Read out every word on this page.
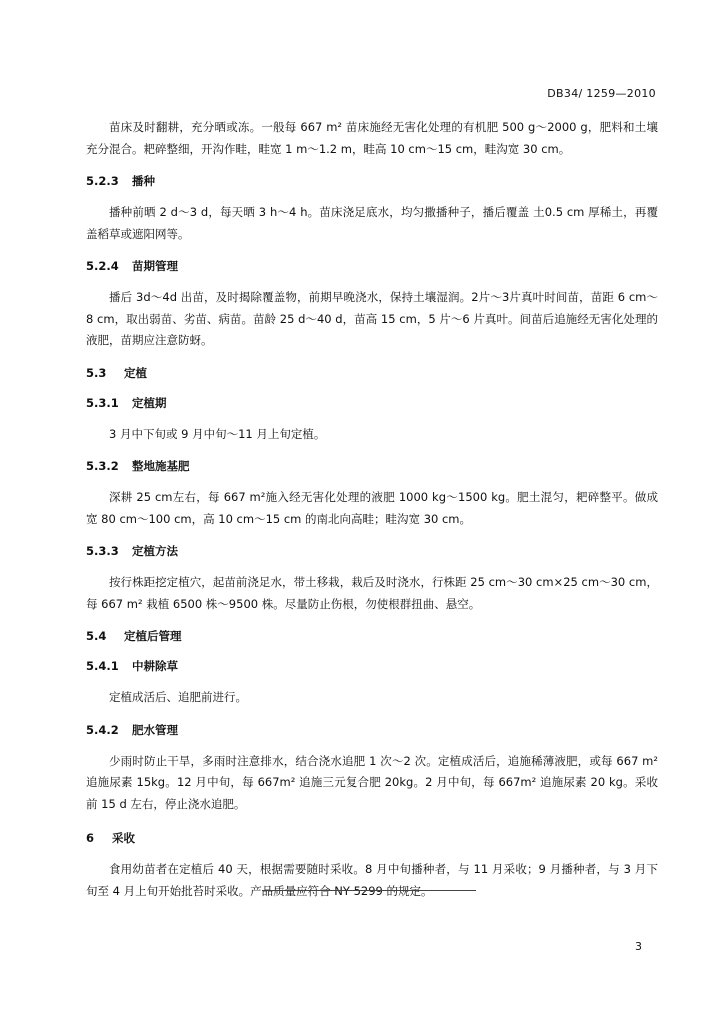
DB34/ 1259—2010

苗床及时翻耕，充分晒或冻。一般每 667 m² 苗床施经无害化处理的有机肥 500 g～2000 g，肥料和土壤充分混合。耙碎整细，开沟作畦，畦宽 1 m～1.2 m，畦高 10 cm～15 cm，畦沟宽 30 cm。

5.2.3 播种

播种前晒 2 d～3 d，每天晒 3 h～4 h。苗床浇足底水，均匀撒播种子，播后覆盖 土0.5 cm 厚稀土，再覆盖稻草或遮阳网等。

5.2.4 苗期管理

播后 3d～4d 出苗，及时揭除覆盖物，前期早晚浇水，保持土壤湿润。2片～3片真叶时间苗，苗距 6 cm～8 cm，取出弱苗、劣苗、病苗。苗龄 25 d～40 d，苗高 15 cm，5 片～6 片真叶。间苗后追施经无害化处理的液肥，苗期应注意防蚜。

5.3 定植
5.3.1 定植期

3 月中下旬或 9 月中旬～11 月上旬定植。

5.3.2 整地施基肥

深耕 25 cm左右，每 667 m²施入经无害化处理的液肥 1000 kg～1500 kg。肥土混匀，耙碎整平。做成宽 80 cm～100 cm，高 10 cm～15 cm 的南北向高畦；畦沟宽 30 cm。

5.3.3 定植方法

按行株距挖定植穴，起苗前浇足水，带土移栽，栽后及时浇水，行株距 25 cm～30 cm×25 cm～30 cm，每 667 m² 栽植 6500 株～9500 株。尽量防止伤根，勿使根群扭曲、悬空。

5.4 定植后管理
5.4.1 中耕除草

定植成活后、追肥前进行。

5.4.2 肥水管理

少雨时防止干旱，多雨时注意排水，结合浇水追肥 1 次～2 次。定植成活后，追施稀薄液肥，或每 667 m²追施尿素 15kg。12 月中旬，每 667m² 追施三元复合肥 20kg。2 月中旬，每 667m² 追施尿素 20 kg。采收前 15 d 左右，停止浇水追肥。

6 采收

食用幼苗者在定植后 40 天，根据需要随时采收。8 月中旬播种者，与 11 月采收；9 月播种者，与 3 月下旬至 4 月上旬开始批苔时采收。产品质量应符合 NY 5299 的规定。

3
